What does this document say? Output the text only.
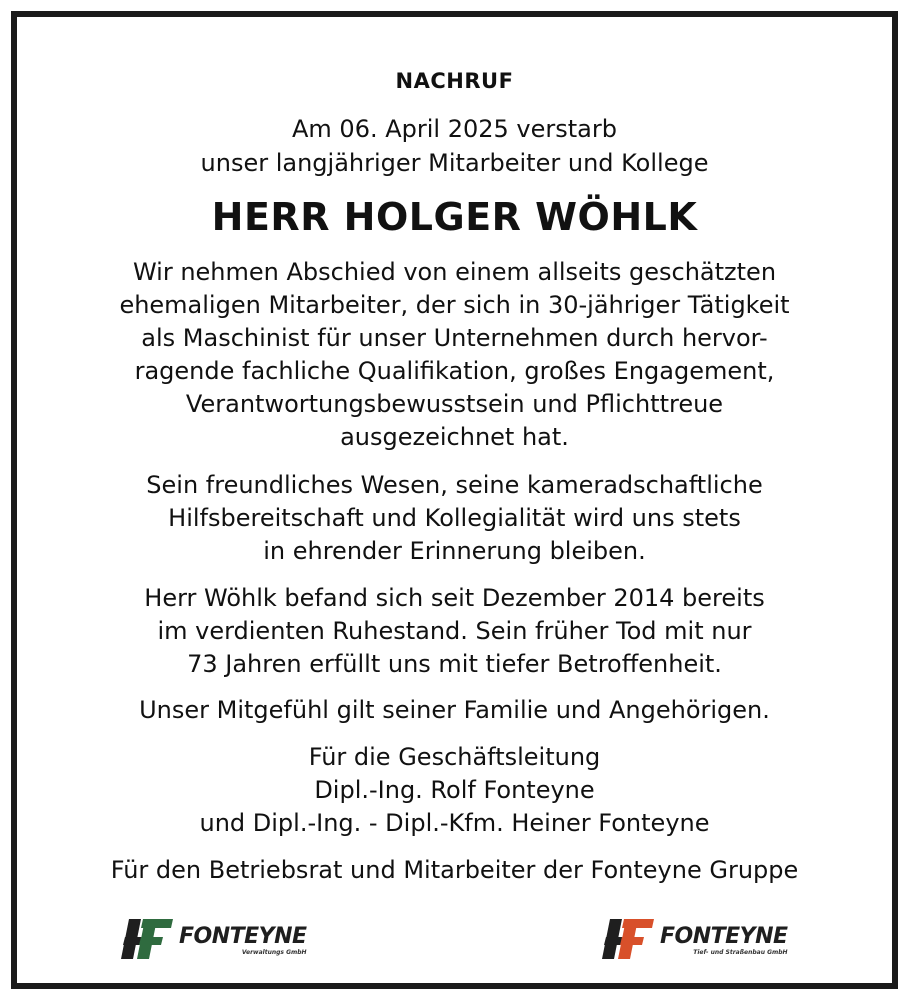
NACHRUF
Am 06. April 2025 verstarb
unser langjähriger Mitarbeiter und Kollege
HERR HOLGER WÖHLK
Wir nehmen Abschied von einem allseits geschätzten
ehemaligen Mitarbeiter, der sich in 30-jähriger Tätigkeit
als Maschinist für unser Unternehmen durch hervor-
ragende fachliche Qualifikation, großes Engagement,
Verantwortungsbewusstsein und Pflichttreue
ausgezeichnet hat.
Sein freundliches Wesen, seine kameradschaftliche
Hilfsbereitschaft und Kollegialität wird uns stets
in ehrender Erinnerung bleiben.
Herr Wöhlk befand sich seit Dezember 2014 bereits
im verdienten Ruhestand. Sein früher Tod mit nur
73 Jahren erfüllt uns mit tiefer Betroffenheit.
Unser Mitgefühl gilt seiner Familie und Angehörigen.
Für die Geschäftsleitung
Dipl.-Ing. Rolf Fonteyne
und Dipl.-Ing. - Dipl.-Kfm. Heiner Fonteyne
Für den Betriebsrat und Mitarbeiter der Fonteyne Gruppe
FONTEYNE
Verwaltungs GmbH
FONTEYNE
Tief- und Straßenbau GmbH
